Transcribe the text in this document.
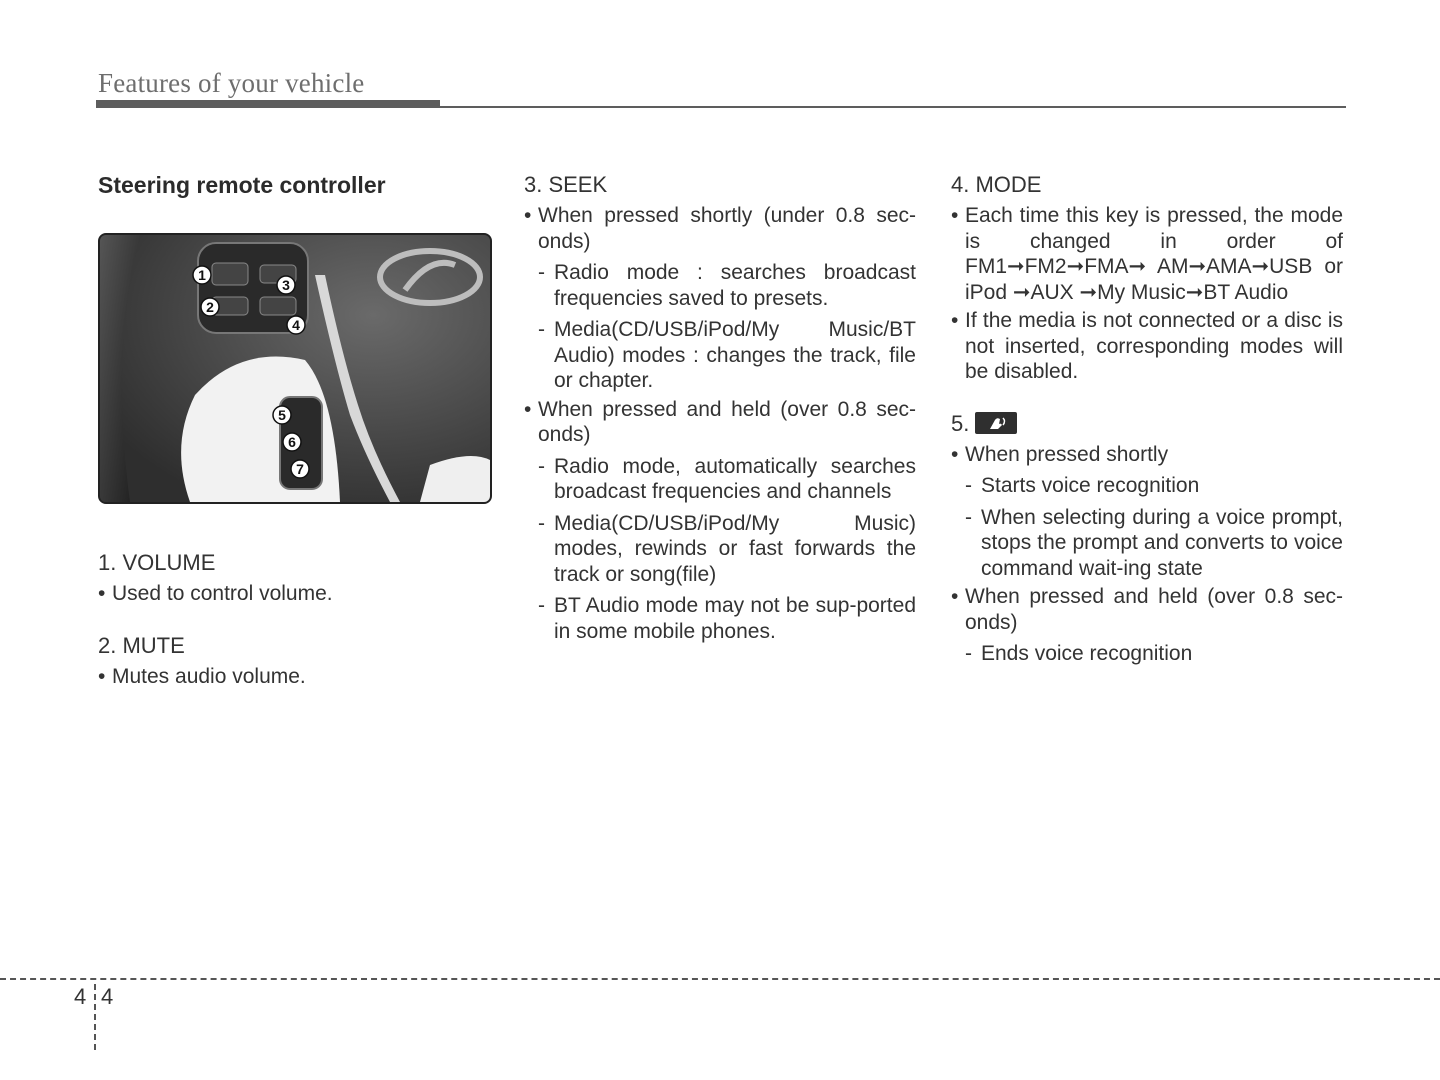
Features of your vehicle
Steering remote controller
1
2
3
4
5
6
7
1. VOLUME
• Used to control volume.
2. MUTE
• Mutes audio volume.
3. SEEK
• When pressed shortly (under 0.8 sec-onds)
- Radio mode : searches broadcast frequencies saved to presets.
- Media(CD/USB/iPod/My Music/BT Audio) modes : changes the track, file or chapter.
• When pressed and held (over 0.8 sec-onds)
- Radio mode, automatically searches broadcast frequencies and channels
- Media(CD/USB/iPod/My Music) modes, rewinds or fast forwards the track or song(file)
- BT Audio mode may not be sup-ported in some mobile phones.
4. MODE
• Each time this key is pressed, the mode is changed in order of FM1➞FM2➞FMA➞ AM➞AMA➞USB or iPod ➞AUX ➞My Music➞BT Audio
• If the media is not connected or a disc is not inserted, corresponding modes will be disabled.
5.
• When pressed shortly
- Starts voice recognition
- When selecting during a voice prompt, stops the prompt and converts to voice command wait-ing state
• When pressed and held (over 0.8 sec-onds)
- Ends voice recognition
4 4
